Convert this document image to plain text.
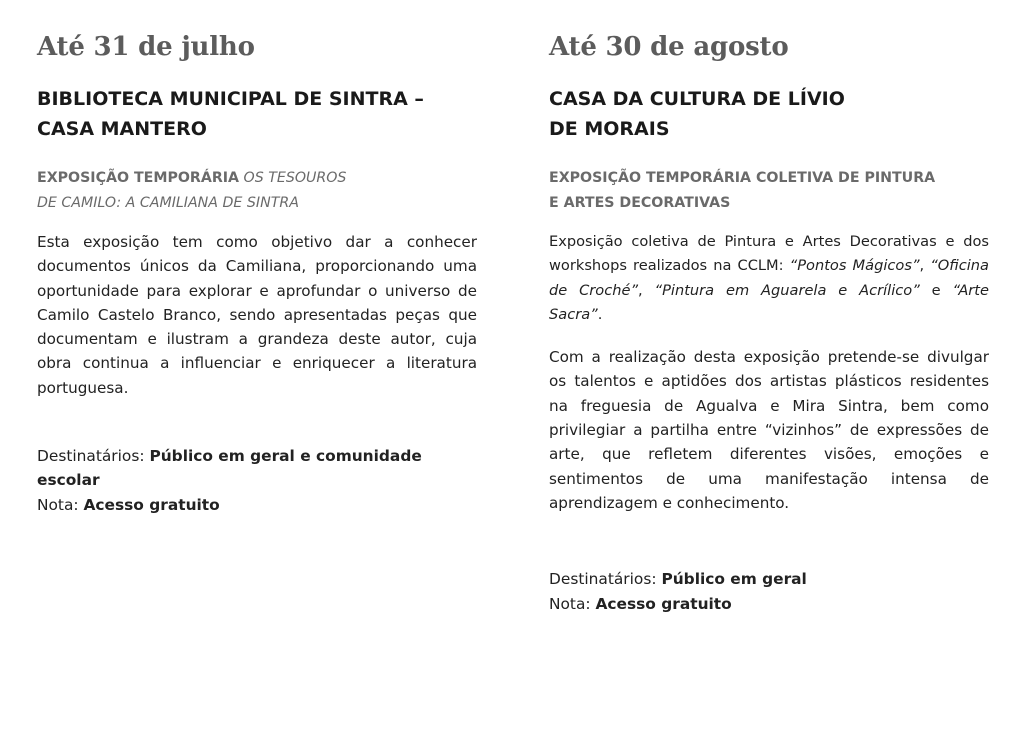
Até 31 de julho
BIBLIOTECA MUNICIPAL DE SINTRA –
CASA MANTERO
EXPOSIÇÃO TEMPORÁRIA OS TESOUROS
DE CAMILO: A CAMILIANA DE SINTRA

Esta exposição tem como objetivo dar a conhecer documentos únicos da Camiliana, proporcionando uma oportunidade para explorar e aprofundar o universo de Camilo Castelo Branco, sendo apresentadas peças que documentam e ilustram a grandeza deste autor, cuja obra continua a influenciar e enriquecer a literatura portuguesa.

Destinatários: Público em geral e comunidade escolar

Nota: Acesso gratuito

Até 30 de agosto
CASA DA CULTURA DE LÍVIO
DE MORAIS
EXPOSIÇÃO TEMPORÁRIA COLETIVA DE PINTURA
E ARTES DECORATIVAS

Exposição coletiva de Pintura e Artes Decorativas e dos workshops realizados na CCLM: “Pontos Mágicos”, “Oficina de Croché”, “Pintura em Aguarela e Acrílico” e “Arte Sacra”.

Com a realização desta exposição pretende-se divulgar os talentos e aptidões dos artistas plásticos residentes na freguesia de Agualva e Mira Sintra, bem como privilegiar a partilha entre “vizinhos” de expressões de arte, que refletem diferentes visões, emoções e sentimentos de uma manifestação intensa de aprendizagem e conhecimento.

Destinatários: Público em geral

Nota: Acesso gratuito
